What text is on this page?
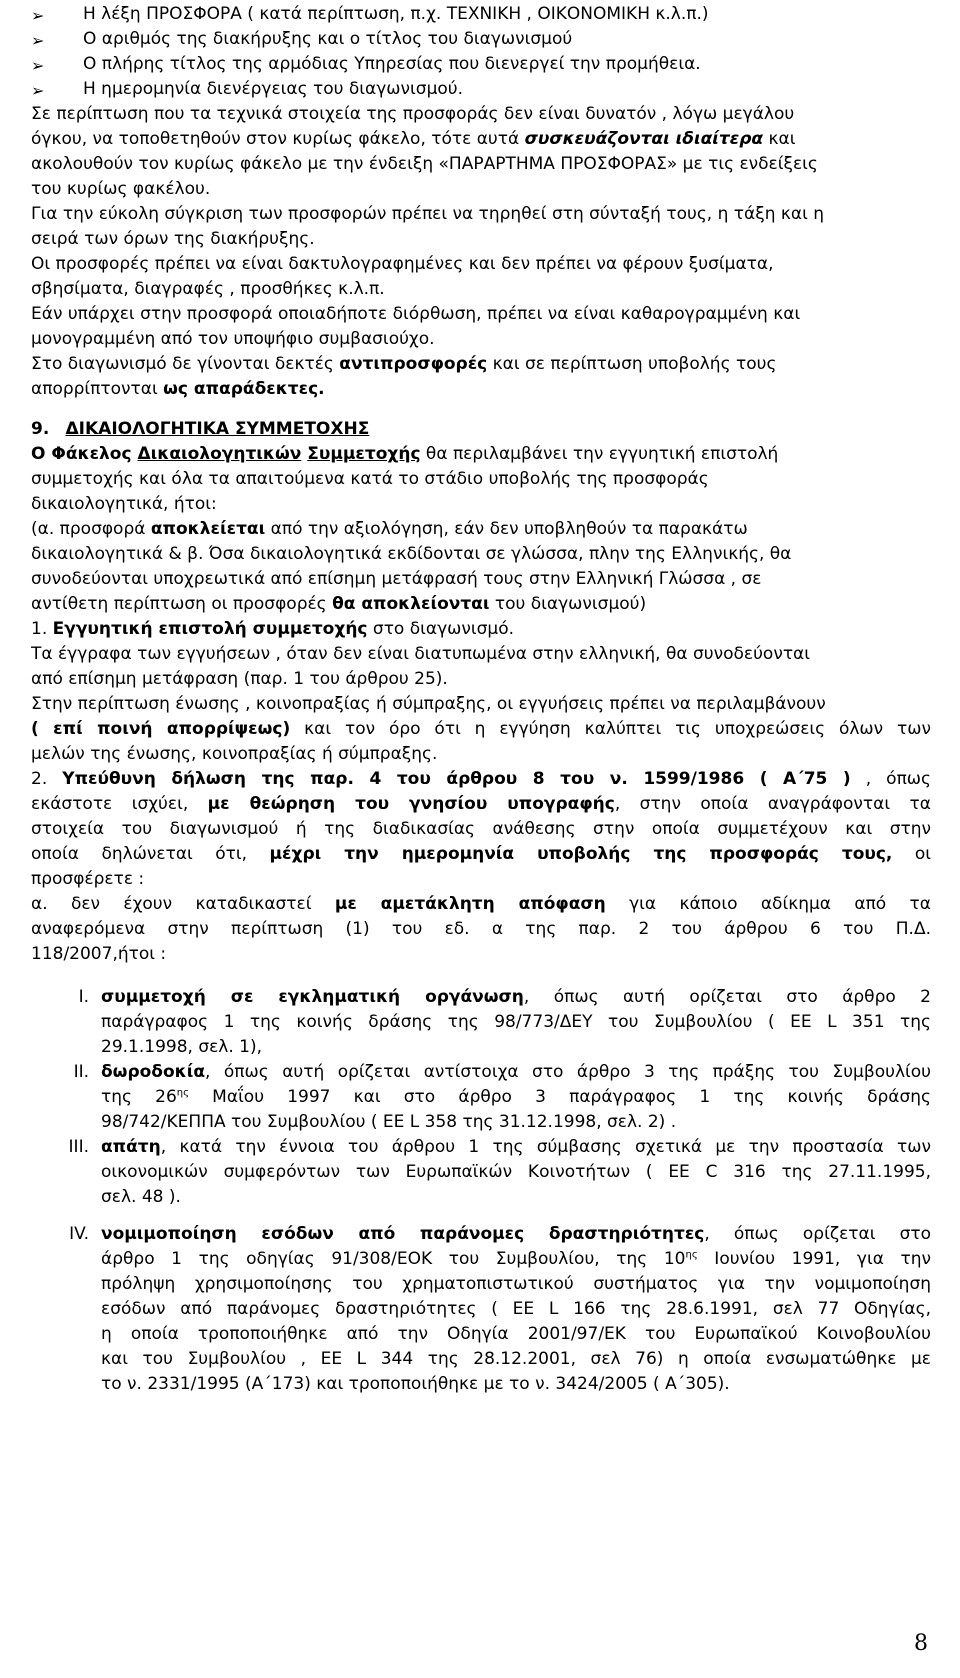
➢ Η λέξη ΠΡΟΣΦΟΡΑ ( κατά περίπτωση, π.χ. ΤΕΧΝΙΚΗ , ΟΙΚΟΝΟΜΙΚΗ κ.λ.π.)

➢ Ο αριθμός της διακήρυξης και ο τίτλος του διαγωνισμού

➢ Ο πλήρης τίτλος της αρμόδιας Υπηρεσίας που διενεργεί την προμήθεια.

➢ Η ημερομηνία διενέργειας του διαγωνισμού.

Σε περίπτωση που τα τεχνικά στοιχεία της προσφοράς δεν είναι δυνατόν , λόγω μεγάλου
όγκου, να τοποθετηθούν στον κυρίως φάκελο, τότε αυτά συσκευάζονται ιδιαίτερα και
ακολουθούν τον κυρίως φάκελο με την ένδειξη «ΠΑΡΑΡΤΗΜΑ ΠΡΟΣΦΟΡΑΣ» με τις ενδείξεις
του κυρίως φακέλου.

Για την εύκολη σύγκριση των προσφορών πρέπει να τηρηθεί στη σύνταξή τους, η τάξη και η
σειρά των όρων της διακήρυξης.

Οι προσφορές πρέπει να είναι δακτυλογραφημένες και δεν πρέπει να φέρουν ξυσίματα,
σβησίματα, διαγραφές , προσθήκες κ.λ.π.

Εάν υπάρχει στην προσφορά οποιαδήποτε διόρθωση, πρέπει να είναι καθαρογραμμένη και
μονογραμμένη από τον υποψήφιο συμβασιούχο.

Στο διαγωνισμό δε γίνονται δεκτές αντιπροσφορές και σε περίπτωση υποβολής τους
απορρίπτονται ως απαράδεκτες.

9. ΔΙΚΑΙΟΛΟΓΗΤΙΚΑ ΣΥΜΜΕΤΟΧΗΣ

Ο Φάκελος Δικαιολογητικών Συμμετοχής θα περιλαμβάνει την εγγυητική επιστολή
συμμετοχής και όλα τα απαιτούμενα κατά το στάδιο υποβολής της προσφοράς
δικαιολογητικά, ήτοι:

(α. προσφορά αποκλείεται από την αξιολόγηση, εάν δεν υποβληθούν τα παρακάτω
δικαιολογητικά & β. Όσα δικαιολογητικά εκδίδονται σε γλώσσα, πλην της Ελληνικής, θα
συνοδεύονται υποχρεωτικά από επίσημη μετάφρασή τους στην Ελληνική Γλώσσα , σε
αντίθετη περίπτωση οι προσφορές θα αποκλείονται του διαγωνισμού)

1. Εγγυητική επιστολή συμμετοχής στο διαγωνισμό.

Τα έγγραφα των εγγυήσεων , όταν δεν είναι διατυπωμένα στην ελληνική, θα συνοδεύονται
από επίσημη μετάφραση (παρ. 1 του άρθρου 25).

Στην περίπτωση ένωσης , κοινοπραξίας ή σύμπραξης, οι εγγυήσεις πρέπει να περιλαμβάνουν
( επί ποινή απορρίψεως) και τον όρο ότι η εγγύηση καλύπτει τις υποχρεώσεις όλων των
μελών της ένωσης, κοινοπραξίας ή σύμπραξης.

2. Υπεύθυνη δήλωση της παρ. 4 του άρθρου 8 του ν. 1599/1986 ( Α΄75 ) , όπως
εκάστοτε ισχύει, με θεώρηση του γνησίου υπογραφής, στην οποία αναγράφονται τα
στοιχεία του διαγωνισμού ή της διαδικασίας ανάθεσης στην οποία συμμετέχουν και στην
οποία δηλώνεται ότι, μέχρι την ημερομηνία υποβολής της προσφοράς τους, οι
προσφέρετε :

α. δεν έχουν καταδικαστεί με αμετάκλητη απόφαση για κάποιο αδίκημα από τα
αναφερόμενα στην περίπτωση (1) του εδ. α της παρ. 2 του άρθρου 6 του Π.Δ.
118/2007,ήτοι :

I. συμμετοχή σε εγκληματική οργάνωση, όπως αυτή ορίζεται στο άρθρο 2
παράγραφος 1 της κοινής δράσης της 98/773/ΔΕΥ του Συμβουλίου ( ΕΕ L 351 της
29.1.1998, σελ. 1),

II. δωροδοκία, όπως αυτή ορίζεται αντίστοιχα στο άρθρο 3 της πράξης του Συμβουλίου
της $26^{\eta\varsigma}$ Μαΐου 1997 και στο άρθρο 3 παράγραφος 1 της κοινής δράσης
98/742/ΚΕΠΠΑ του Συμβουλίου ( ΕΕ L 358 της 31.12.1998, σελ. 2) .

III. απάτη, κατά την έννοια του άρθρου 1 της σύμβασης σχετικά με την προστασία των
οικονομικών συμφερόντων των Ευρωπαϊκών Κοινοτήτων ( ΕΕ C 316 της 27.11.1995,
σελ. 48 ).

IV. νομιμοποίηση εσόδων από παράνομες δραστηριότητες, όπως ορίζεται στο
άρθρο 1 της οδηγίας 91/308/ΕΟΚ του Συμβουλίου, της $10^{\eta\varsigma}$ Ιουνίου 1991, για την
πρόληψη χρησιμοποίησης του χρηματοπιστωτικού συστήματος για την νομιμοποίηση
εσόδων από παράνομες δραστηριότητες ( ΕΕ L 166 της 28.6.1991, σελ 77 Οδηγίας,
η οποία τροποποιήθηκε από την Οδηγία 2001/97/ΕΚ του Ευρωπαϊκού Κοινοβουλίου
και του Συμβουλίου , ΕΕ L 344 της 28.12.2001, σελ 76) η οποία ενσωματώθηκε με
το ν. 2331/1995 (Α΄173) και τροποποιήθηκε με το ν. 3424/2005 ( Α΄305).

8
